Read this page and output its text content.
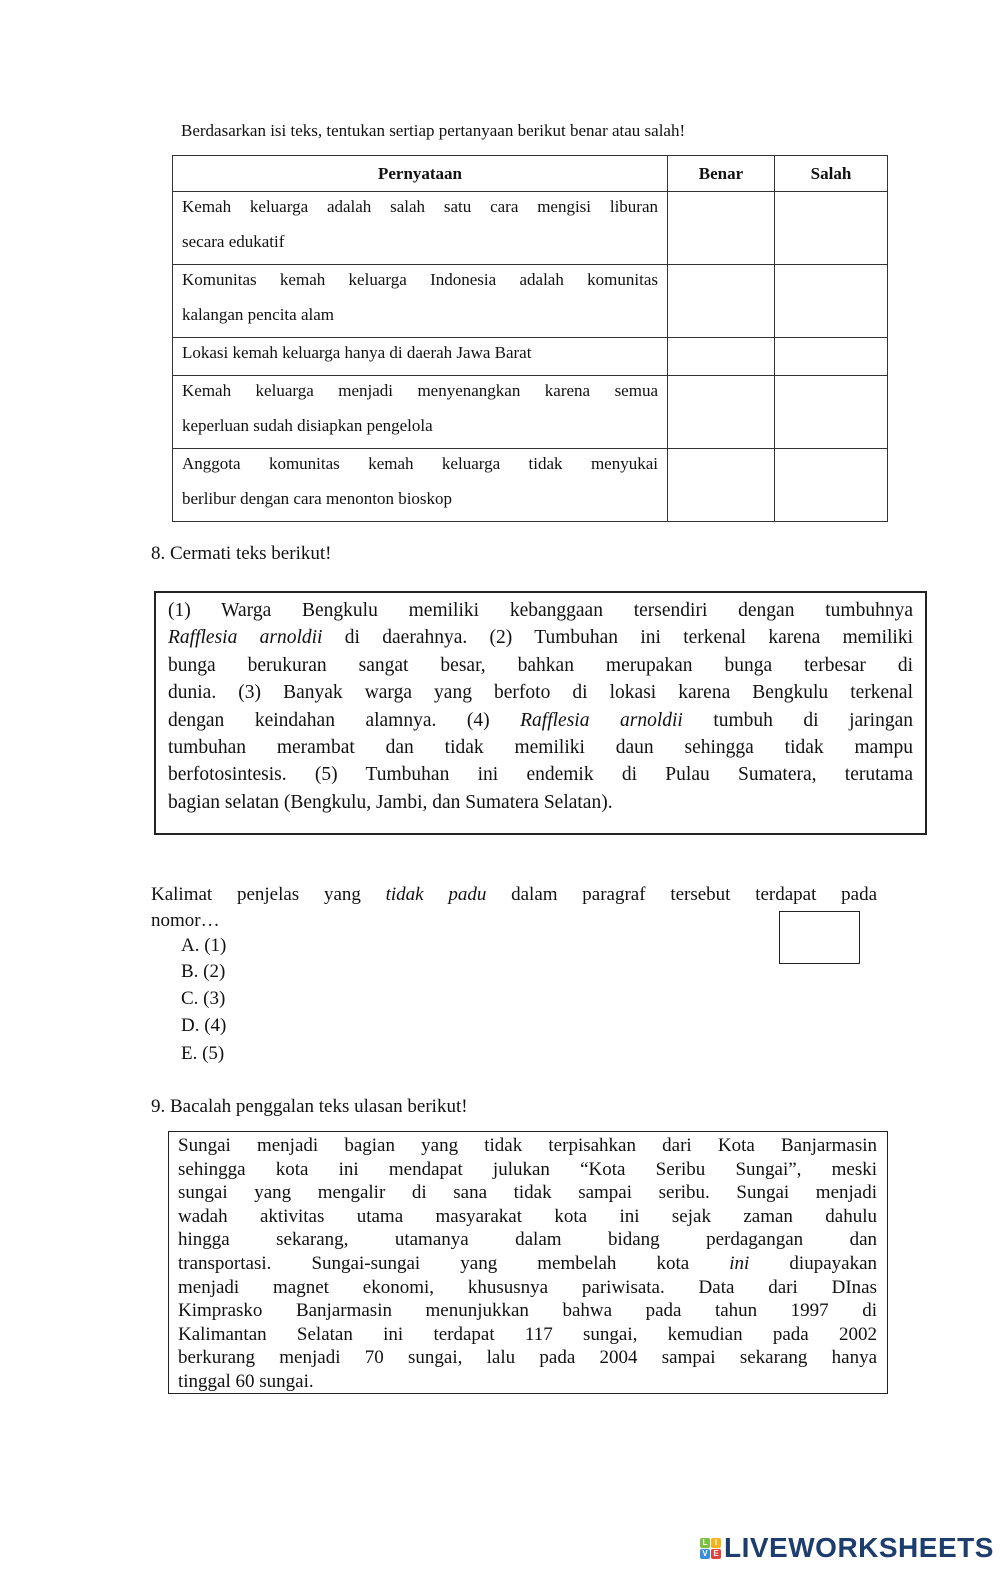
Berdasarkan isi teks, tentukan sertiap pertanyaan berikut benar atau salah!
Pernyataan	Benar	Salah

Kemah keluarga adalah salah satu cara mengisi liburan
secara edukatif		

Komunitas kemah keluarga Indonesia adalah komunitas
kalangan pencita alam		

Lokasi kemah keluarga hanya di daerah Jawa Barat		

Kemah keluarga menjadi menyenangkan karena semua
keperluan sudah disiapkan pengelola		

Anggota komunitas kemah keluarga tidak menyukai
berlibur dengan cara menonton bioskop		

8. Cermati teks berikut!
(1) Warga Bengkulu memiliki kebanggaan tersendiri dengan tumbuhnya
Rafflesia arnoldii di daerahnya. (2) Tumbuhan ini terkenal karena memiliki
bunga berukuran sangat besar, bahkan merupakan bunga terbesar di
dunia. (3) Banyak warga yang berfoto di lokasi karena Bengkulu terkenal
dengan keindahan alamnya. (4) Rafflesia arnoldii tumbuh di jaringan
tumbuhan merambat dan tidak memiliki daun sehingga tidak mampu
berfotosintesis. (5) Tumbuhan ini endemik di Pulau Sumatera, terutama
bagian selatan (Bengkulu, Jambi, dan Sumatera Selatan).
Kalimat penjelas yang tidak padu dalam paragraf tersebut terdapat pada
nomor…
A. (1)
B. (2)
C. (3)
D. (4)
E. (5)
9. Bacalah penggalan teks ulasan berikut!
Sungai menjadi bagian yang tidak terpisahkan dari Kota Banjarmasin
sehingga kota ini mendapat julukan “Kota Seribu Sungai”, meski
sungai yang mengalir di sana tidak sampai seribu. Sungai menjadi
wadah aktivitas utama masyarakat kota ini sejak zaman dahulu
hingga sekarang, utamanya dalam bidang perdagangan dan
transportasi. Sungai-sungai yang membelah kota ini diupayakan
menjadi magnet ekonomi, khususnya pariwisata. Data dari DInas
Kimprasko Banjarmasin menunjukkan bahwa pada tahun 1997 di
Kalimantan Selatan ini terdapat 117 sungai, kemudian pada 2002
berkurang menjadi 70 sungai, lalu pada 2004 sampai sekarang hanya
tinggal 60 sungai.
L I
V E LIVEWORKSHEETS
